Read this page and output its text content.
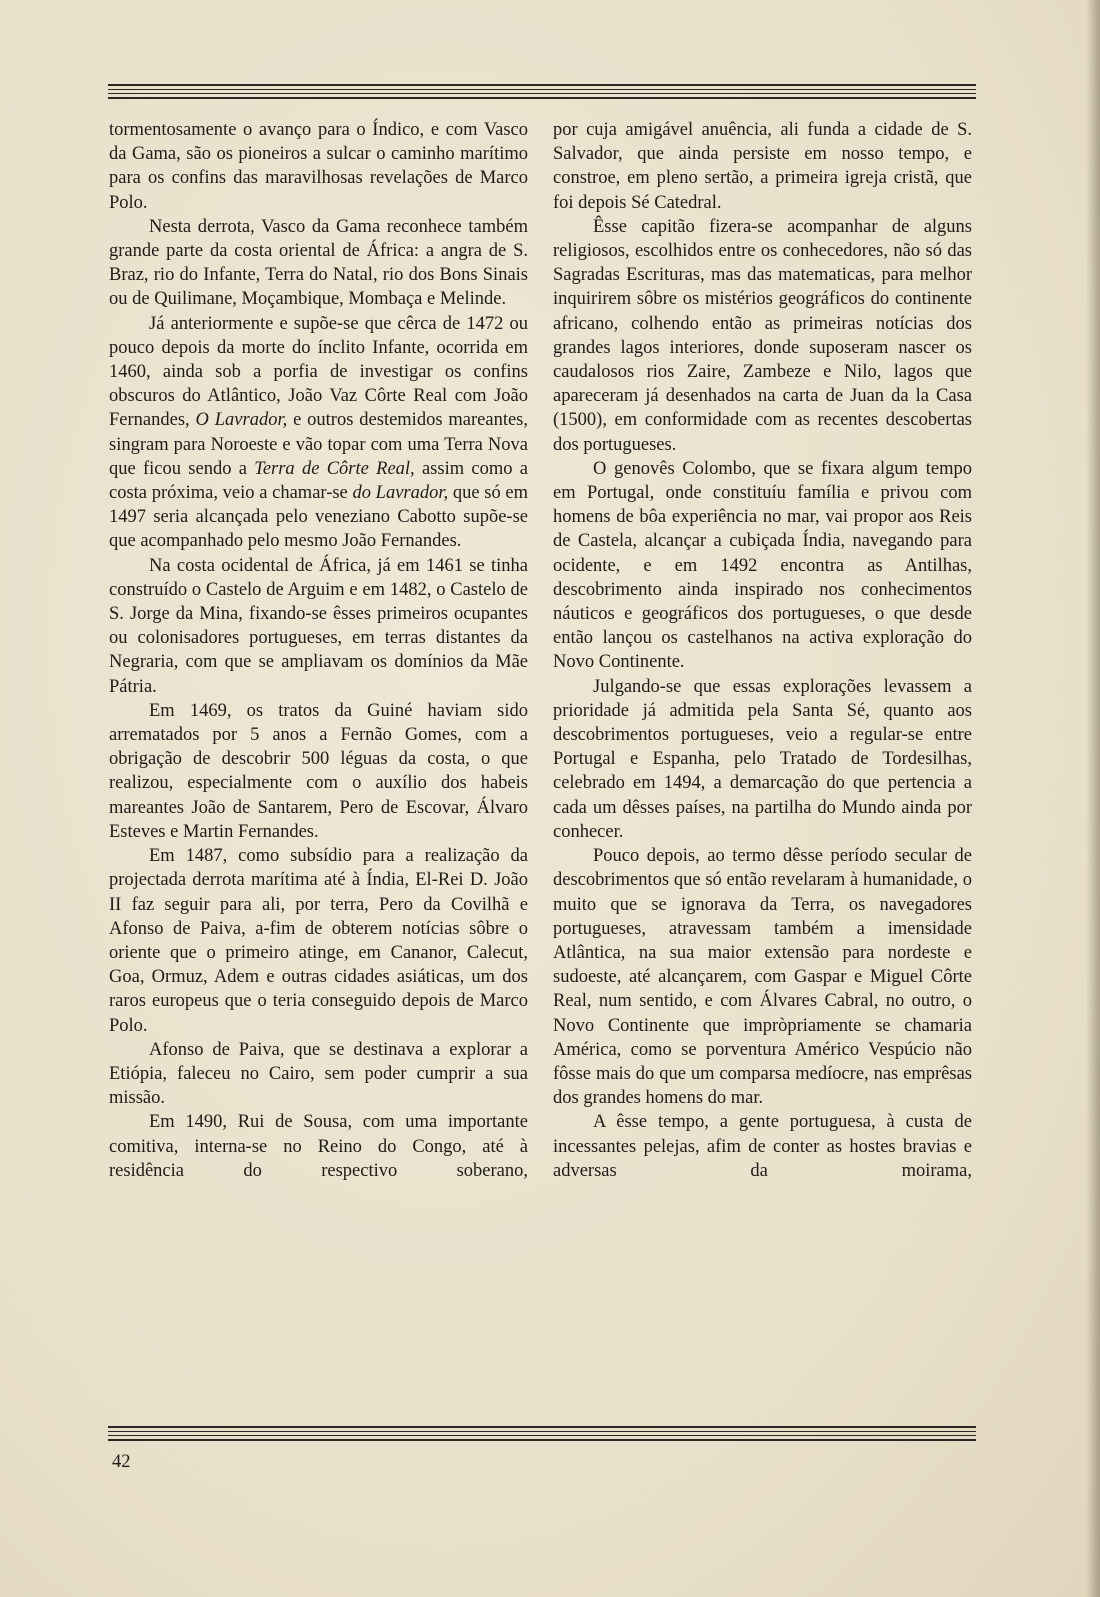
tormentosamente o avanço para o Índico, e com Vasco da Gama, são os pioneiros a sulcar o caminho marítimo para os confins das maravilhosas revelações de Marco Polo.

Nesta derrota, Vasco da Gama reconhece também grande parte da costa oriental de África: a angra de S. Braz, rio do Infante, Terra do Natal, rio dos Bons Sinais ou de Quilimane, Moçambique, Mombaça e Melinde.

Já anteriormente e supõe-se que cêrca de 1472 ou pouco depois da morte do ínclito Infante, ocorrida em 1460, ainda sob a porfia de investigar os confins obscuros do Atlântico, João Vaz Côrte Real com João Fernandes, O Lavrador, e outros destemidos mareantes, singram para Noroeste e vão topar com uma Terra Nova que ficou sendo a Terra de Côrte Real, assim como a costa próxima, veio a chamar-se do Lavrador, que só em 1497 seria alcançada pelo veneziano Cabotto supõe-se que acompanhado pelo mesmo João Fernandes.

Na costa ocidental de África, já em 1461 se tinha construído o Castelo de Arguim e em 1482, o Castelo de S. Jorge da Mina, fixando-se êsses primeiros ocupantes ou colonisadores portugueses, em terras distantes da Negraria, com que se ampliavam os domínios da Mãe Pátria.

Em 1469, os tratos da Guiné haviam sido arrematados por 5 anos a Fernão Gomes, com a obrigação de descobrir 500 léguas da costa, o que realizou, especialmente com o auxílio dos habeis mareantes João de Santarem, Pero de Escovar, Álvaro Esteves e Martin Fernandes.

Em 1487, como subsídio para a realização da projectada derrota marítima até à Índia, El-Rei D. João II faz seguir para ali, por terra, Pero da Covilhã e Afonso de Paiva, a-fim de obterem notícias sôbre o oriente que o primeiro atinge, em Cananor, Calecut, Goa, Ormuz, Adem e outras cidades asiáticas, um dos raros europeus que o teria conseguido depois de Marco Polo.

Afonso de Paiva, que se destinava a explorar a Etiópia, faleceu no Cairo, sem poder cumprir a sua missão.

Em 1490, Rui de Sousa, com uma importante comitiva, interna-se no Reino do Congo, até à residência do respectivo soberano,

por cuja amigável anuência, ali funda a cidade de S. Salvador, que ainda persiste em nosso tempo, e constroe, em pleno sertão, a primeira igreja cristã, que foi depois Sé Catedral.

Êsse capitão fizera-se acompanhar de alguns religiosos, escolhidos entre os conhecedores, não só das Sagradas Escrituras, mas das matematicas, para melhor inquirirem sôbre os mistérios geográficos do continente africano, colhendo então as primeiras notícias dos grandes lagos interiores, donde suposeram nascer os caudalosos rios Zaire, Zambeze e Nilo, lagos que apareceram já desenhados na carta de Juan da la Casa (1500), em conformidade com as recentes descobertas dos portugueses.

O genovês Colombo, que se fixara algum tempo em Portugal, onde constituíu família e privou com homens de bôa experiência no mar, vai propor aos Reis de Castela, alcançar a cubiçada Índia, navegando para ocidente, e em 1492 encontra as Antilhas, descobrimento ainda inspirado nos conhecimentos náuticos e geográficos dos portugueses, o que desde então lançou os castelhanos na activa exploração do Novo Continente.

Julgando-se que essas explorações levassem a prioridade já admitida pela Santa Sé, quanto aos descobrimentos portugueses, veio a regular-se entre Portugal e Espanha, pelo Tratado de Tordesilhas, celebrado em 1494, a demarcação do que pertencia a cada um dêsses países, na partilha do Mundo ainda por conhecer.

Pouco depois, ao termo dêsse período secular de descobrimentos que só então revelaram à humanidade, o muito que se ignorava da Terra, os navegadores portugueses, atravessam também a imensidade Atlântica, na sua maior extensão para nordeste e sudoeste, até alcançarem, com Gaspar e Miguel Côrte Real, num sentido, e com Álvares Cabral, no outro, o Novo Continente que impròpriamente se chamaria América, como se porventura Américo Vespúcio não fôsse mais do que um comparsa medíocre, nas emprêsas dos grandes homens do mar.

A êsse tempo, a gente portuguesa, à custa de incessantes pelejas, afim de conter as hostes bravias e adversas da moirama,

42
